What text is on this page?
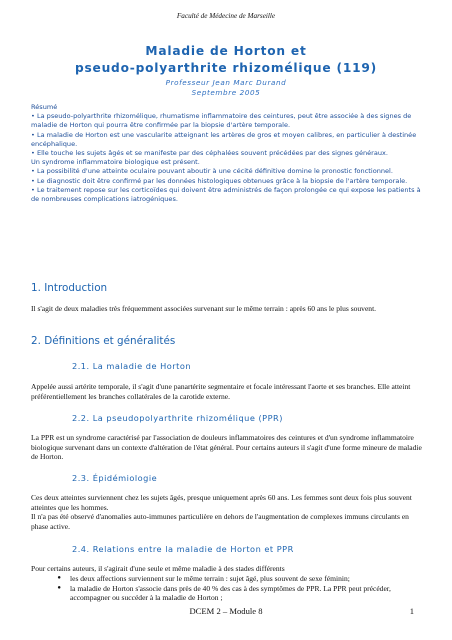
Faculté de Médecine de Marseille
Maladie de Horton et
pseudo-polyarthrite rhizomélique (119)
Professeur Jean Marc Durand
Septembre 2005
Résumé
• La pseudo-polyarthrite rhizomélique, rhumatisme inflammatoire des ceintures, peut être associée à des signes de maladie de Horton qui pourra être confirmée par la biopsie d'artère temporale.
• La maladie de Horton est une vascularite atteignant les artères de gros et moyen calibres, en particulier à destinée encéphalique.
• Elle touche les sujets âgés et se manifeste par des céphalées souvent précédées par des signes généraux.
Un syndrome inflammatoire biologique est présent.
• La possibilité d'une atteinte oculaire pouvant aboutir à une cécité définitive domine le pronostic fonctionnel.
• Le diagnostic doit être confirmé par les données histologiques obtenues grâce à la biopsie de l'artère temporale.
• Le traitement repose sur les corticoïdes qui doivent être administrés de façon prolongée ce qui expose les patients à de nombreuses complications iatrogéniques.
1. Introduction
Il s'agit de deux maladies très fréquemment associées survenant sur le même terrain : après 60 ans le plus souvent.
2. Définitions et généralités
2.1. La maladie de Horton
Appelée aussi artérite temporale, il s'agit d'une panartérite segmentaire et focale intéressant l'aorte et ses branches. Elle atteint préférentiellement les branches collatérales de la carotide externe.
2.2. La pseudopolyarthrite rhizomélique (PPR)
La PPR est un syndrome caractérisé par l'association de douleurs inflammatoires des ceintures et d'un syndrome inflammatoire biologique survenant dans un contexte d'altération de l'état général. Pour certains auteurs il s'agit d'une forme mineure de maladie de Horton.
2.3. Épidémiologie
Ces deux atteintes surviennent chez les sujets âgés, presque uniquement après 60 ans. Les femmes sont deux fois plus souvent atteintes que les hommes.
Il n'a pas été observé d'anomalies auto-immunes particulière en dehors de l'augmentation de complexes immuns circulants en phase active.
2.4. Relations entre la maladie de Horton et PPR
Pour certains auteurs, il s'agirait d'une seule et même maladie à des stades différents
●	les deux affections surviennent sur le même terrain : sujet âgé, plus souvent de sexe féminin;
●	la maladie de Horton s'associe dans près de 40 % des cas à des symptômes de PPR. La PPR peut précéder, accompagner ou succéder à la maladie de Horton ;
DCEM 2 – Module 8	1
